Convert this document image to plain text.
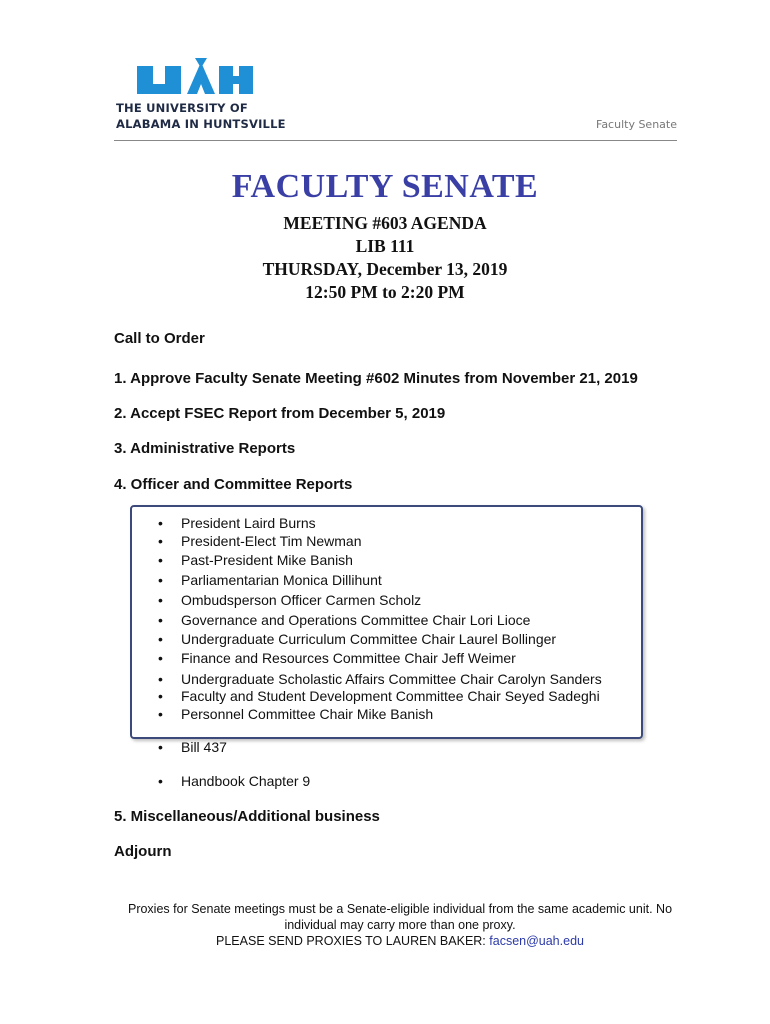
THE UNIVERSITY OF
ALABAMA IN HUNTSVILLE	Faculty Senate
FACULTY SENATE
MEETING #603 AGENDA
LIB 111
THURSDAY, December 13, 2019
12:50 PM to 2:20 PM
Call to Order
1. Approve Faculty Senate Meeting #602 Minutes from November 21, 2019
2. Accept FSEC Report from December 5, 2019
3. Administrative Reports
4. Officer and Committee Reports
• President Laird Burns
• President-Elect Tim Newman
• Past-President Mike Banish
• Parliamentarian Monica Dillihunt
• Ombudsperson Officer Carmen Scholz
• Governance and Operations Committee Chair Lori Lioce
• Undergraduate Curriculum Committee Chair Laurel Bollinger
• Finance and Resources Committee Chair Jeff Weimer
• Undergraduate Scholastic Affairs Committee Chair Carolyn Sanders
• Faculty and Student Development Committee Chair Seyed Sadeghi
• Personnel Committee Chair Mike Banish
• Bill 437
• Handbook Chapter 9
5. Miscellaneous/Additional business
Adjourn
Proxies for Senate meetings must be a Senate-eligible individual from the same academic unit. No
individual may carry more than one proxy.
PLEASE SEND PROXIES TO LAUREN BAKER: facsen@uah.edu
